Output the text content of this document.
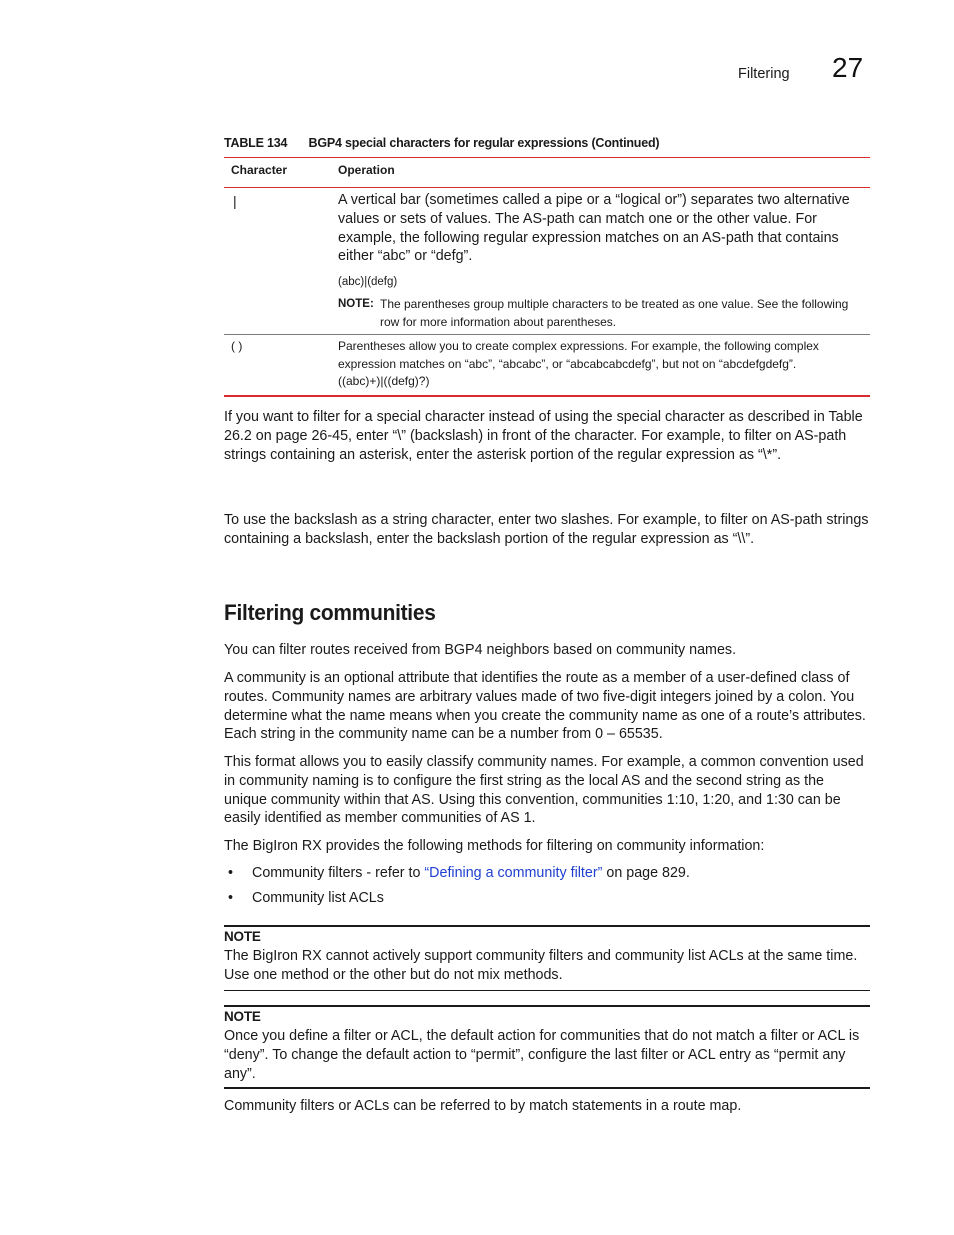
Filtering 27
TABLE 134 BGP4 special characters for regular expressions (Continued)
Character	Operation
|	A vertical bar (sometimes called a pipe or a “logical or”) separates two alternative values or sets of values. The AS-path can match one or the other value. For example, the following regular expression matches on an AS-path that contains either “abc” or “defg”.
(abc)|(defg)
NOTE: The parentheses group multiple characters to be treated as one value. See the following row for more information about parentheses.
( )	Parentheses allow you to create complex expressions. For example, the following complex expression matches on “abc”, “abcabc”, or “abcabcabcdefg”, but not on “abcdefgdefg”.
((abc)+)|((defg)?)
If you want to filter for a special character instead of using the special character as described in Table 26.2 on page 26-45, enter “\” (backslash) in front of the character. For example, to filter on AS-path strings containing an asterisk, enter the asterisk portion of the regular expression as “\*”.
To use the backslash as a string character, enter two slashes. For example, to filter on AS-path strings containing a backslash, enter the backslash portion of the regular expression as “\\”.
Filtering communities
You can filter routes received from BGP4 neighbors based on community names.
A community is an optional attribute that identifies the route as a member of a user-defined class of routes. Community names are arbitrary values made of two five-digit integers joined by a colon. You determine what the name means when you create the community name as one of a route’s attributes. Each string in the community name can be a number from 0 – 65535.
This format allows you to easily classify community names. For example, a common convention used in community naming is to configure the first string as the local AS and the second string as the unique community within that AS. Using this convention, communities 1:10, 1:20, and 1:30 can be easily identified as member communities of AS 1.
The BigIron RX provides the following methods for filtering on community information:
• Community filters - refer to “Defining a community filter” on page 829.
• Community list ACLs
NOTE
The BigIron RX cannot actively support community filters and community list ACLs at the same time. Use one method or the other but do not mix methods.
NOTE
Once you define a filter or ACL, the default action for communities that do not match a filter or ACL is “deny”. To change the default action to “permit”, configure the last filter or ACL entry as “permit any any”.
Community filters or ACLs can be referred to by match statements in a route map.
